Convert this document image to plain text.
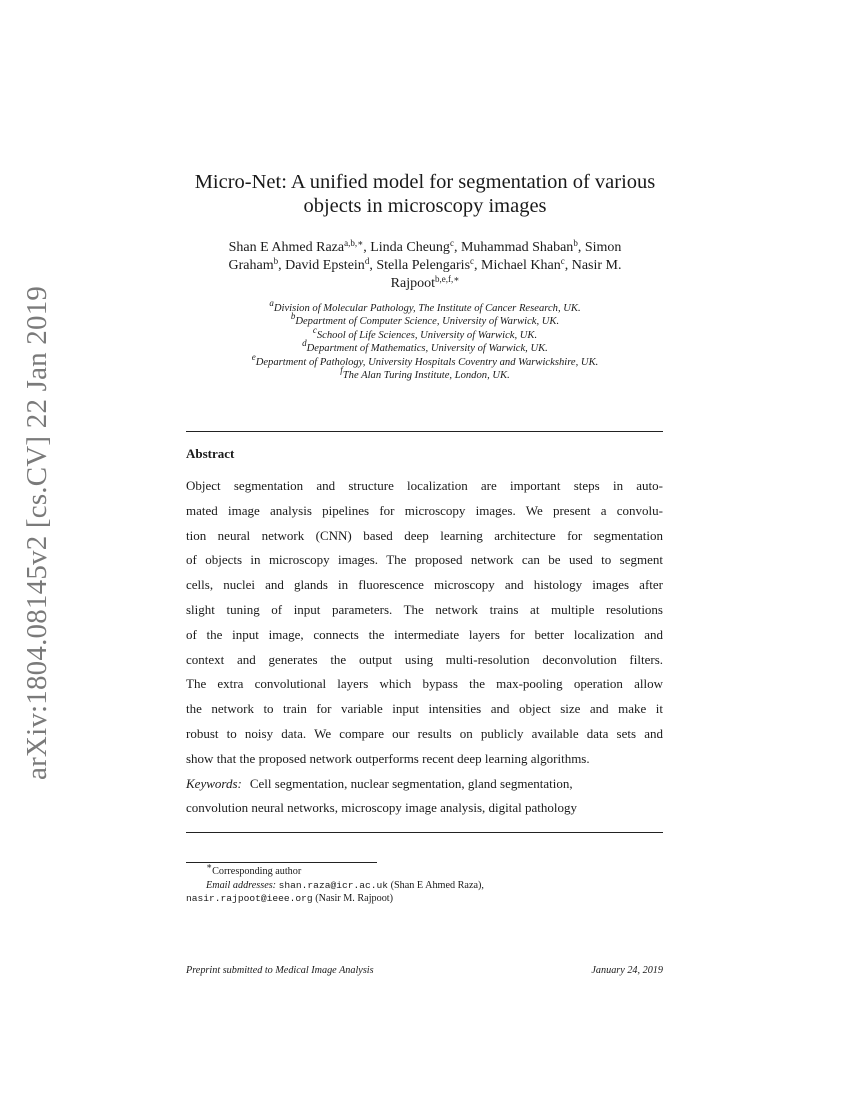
arXiv:1804.08145v2 [cs.CV] 22 Jan 2019
Micro-Net: A unified model for segmentation of various
objects in microscopy images
Shan E Ahmed Raza$^{a,b,∗}$, Linda Cheung$^c$, Muhammad Shaban$^b$, Simon
Graham$^b$, David Epstein$^d$, Stella Pelengaris$^c$, Michael Khan$^c$, Nasir M.
Rajpoot$^{b,e,f,∗}$
$^a$Division of Molecular Pathology, The Institute of Cancer Research, UK.
$^b$Department of Computer Science, University of Warwick, UK.
$^c$School of Life Sciences, University of Warwick, UK.
$^d$Department of Mathematics, University of Warwick, UK.
$^e$Department of Pathology, University Hospitals Coventry and Warwickshire, UK.
$^f$The Alan Turing Institute, London, UK.
Abstract
Object segmentation and structure localization are important steps in auto-
mated image analysis pipelines for microscopy images. We present a convolu-
tion neural network (CNN) based deep learning architecture for segmentation
of objects in microscopy images. The proposed network can be used to segment
cells, nuclei and glands in fluorescence microscopy and histology images after
slight tuning of input parameters. The network trains at multiple resolutions
of the input image, connects the intermediate layers for better localization and
context and generates the output using multi-resolution deconvolution filters.
The extra convolutional layers which bypass the max-pooling operation allow
the network to train for variable input intensities and object size and make it
robust to noisy data. We compare our results on publicly available data sets and
show that the proposed network outperforms recent deep learning algorithms.
Keywords: Cell segmentation, nuclear segmentation, gland segmentation,
convolution neural networks, microscopy image analysis, digital pathology
∗Corresponding author
Email addresses: shan.raza@icr.ac.uk (Shan E Ahmed Raza),
nasir.rajpoot@ieee.org (Nasir M. Rajpoot)
Preprint submitted to Medical Image Analysis	January 24, 2019
